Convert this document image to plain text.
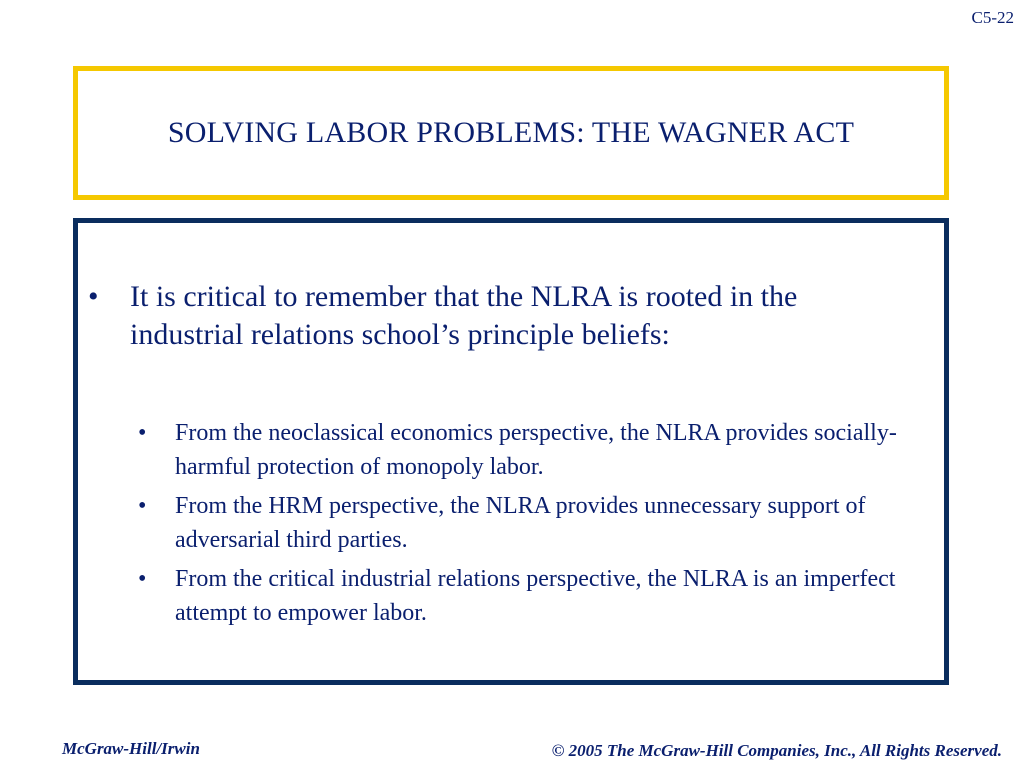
C5-22
SOLVING LABOR PROBLEMS: THE WAGNER ACT
•	It is critical to remember that the NLRA is rooted in the industrial relations school’s principle beliefs:
•	From the neoclassical economics perspective, the NLRA provides socially-harmful protection of monopoly labor.
•	From the HRM perspective, the NLRA provides unnecessary support of adversarial third parties.
•	From the critical industrial relations perspective, the NLRA is an imperfect attempt to empower labor.
McGraw-Hill/Irwin	© 2005 The McGraw-Hill Companies, Inc., All Rights Reserved.
